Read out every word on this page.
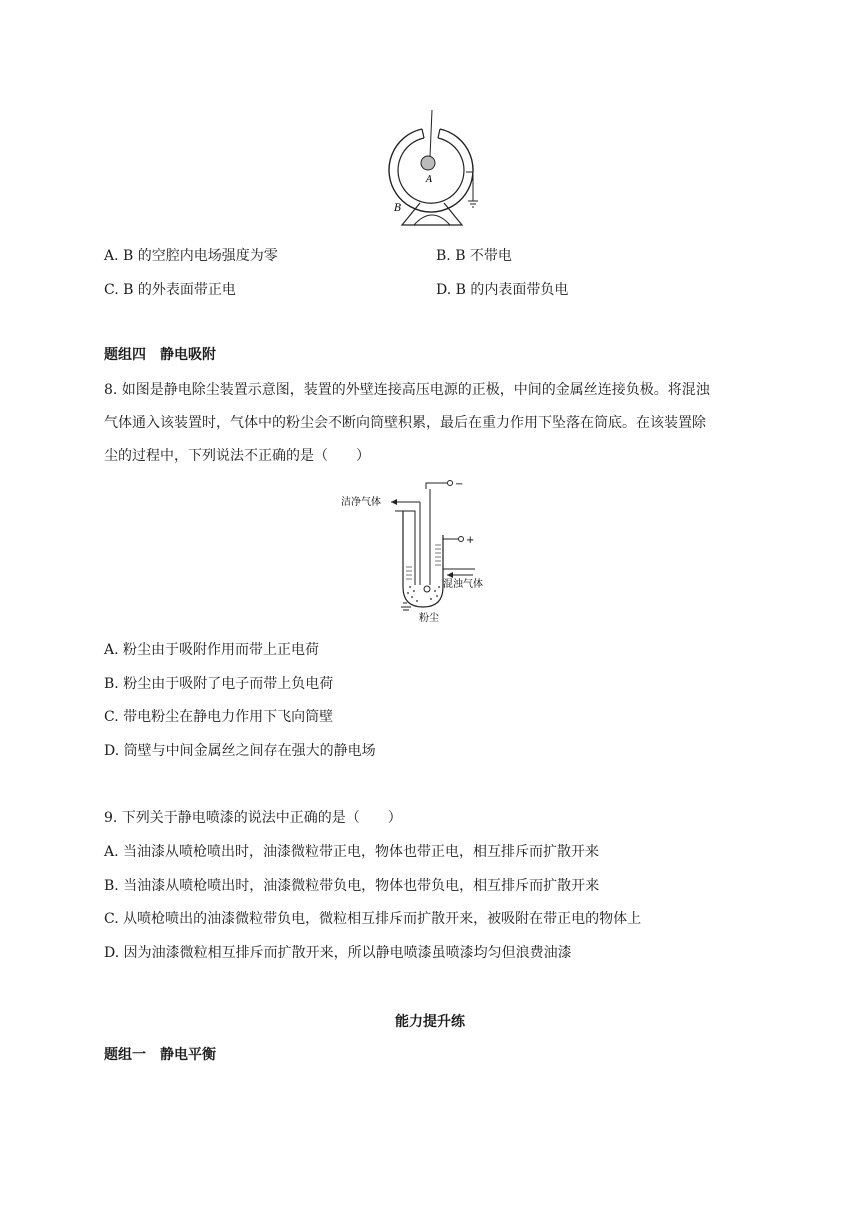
A
B
A. B 的空腔内电场强度为零	B. B 不带电
C. B 的外表面带正电	D. B 的内表面带负电
题组四　静电吸附
8. 如图是静电除尘装置示意图，装置的外壁连接高压电源的正极，中间的金属丝连接负极。将混浊
气体通入该装置时，气体中的粉尘会不断向筒壁积累，最后在重力作用下坠落在筒底。在该装置除
尘的过程中，下列说法不正确的是（　　）
洁净气体
−
+
混浊气体
粉尘
A. 粉尘由于吸附作用而带上正电荷
B. 粉尘由于吸附了电子而带上负电荷
C. 带电粉尘在静电力作用下飞向筒壁
D. 筒壁与中间金属丝之间存在强大的静电场
9. 下列关于静电喷漆的说法中正确的是（　　）
A. 当油漆从喷枪喷出时，油漆微粒带正电，物体也带正电，相互排斥而扩散开来
B. 当油漆从喷枪喷出时，油漆微粒带负电，物体也带负电，相互排斥而扩散开来
C. 从喷枪喷出的油漆微粒带负电，微粒相互排斥而扩散开来，被吸附在带正电的物体上
D. 因为油漆微粒相互排斥而扩散开来，所以静电喷漆虽喷漆均匀但浪费油漆
能力提升练
题组一　静电平衡
